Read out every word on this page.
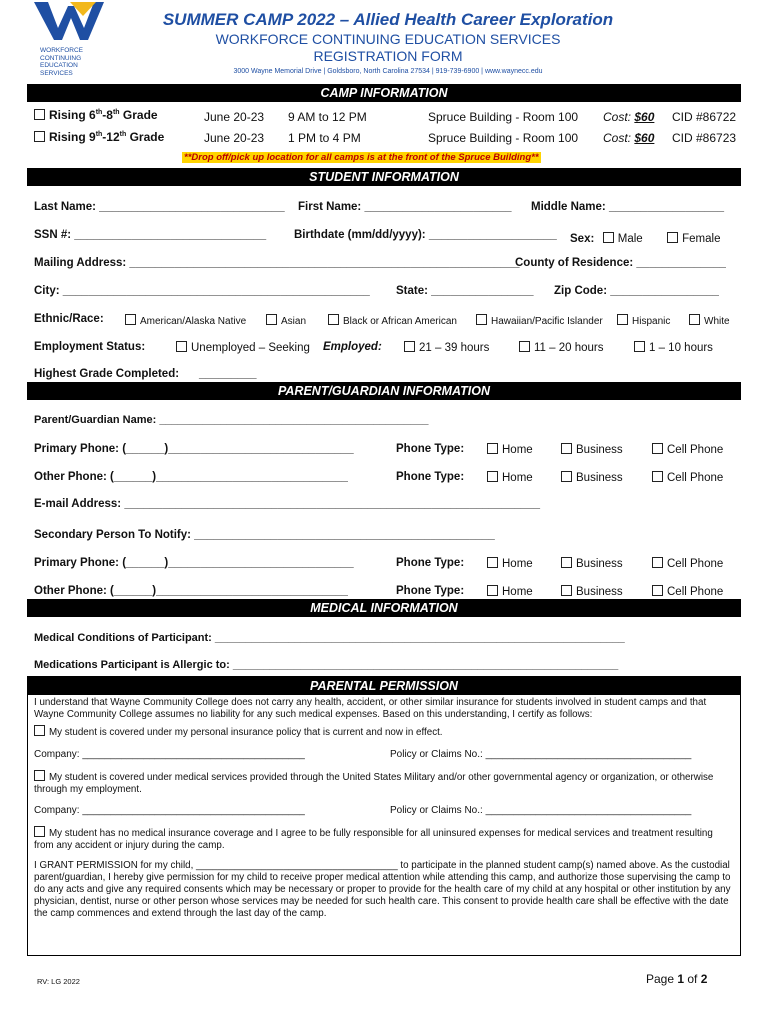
WORKFORCE
CONTINUING
EDUCATION
SERVICES
SUMMER CAMP 2022 – Allied Health Career Exploration
WORKFORCE CONTINUING EDUCATION SERVICES
REGISTRATION FORM
3000 Wayne Memorial Drive | Goldsboro, North Carolina 27534 | 919-739-6900 | www.waynecc.edu
CAMP INFORMATION
Rising 6th-8th Grade	June 20-23 9 AM to 12 PM	Spruce Building - Room 100 Cost: $60 CID #86722
Rising 9th-12th Grade	June 20-23 1 PM to 4 PM	Spruce Building - Room 100 Cost: $60 CID #86723
**Drop off/pick up location for all camps is at the front of the Spruce Building**
STUDENT INFORMATION
Last Name: _____________________________ First Name: _______________________ Middle Name: __________________
SSN #: ______________________________ Birthdate (mm/dd/yyyy): ____________________ Sex: Male	Female
Mailing Address: _____________________________________________________________
County of Residence: ______________
City: ________________________________________________ State: ________________ Zip Code: _________________
Ethnic/Race:	American/Alaska Native	Asian	Black or African American	Hawaiian/Pacific Islander	Hispanic	White
Employment Status:	Unemployed – Seeking Employed:	21 – 39 hours	11 – 20 hours	1 – 10 hours
Highest Grade Completed: _________
PARENT/GUARDIAN INFORMATION
Parent/Guardian Name: ____________________________________________
Primary Phone: (______)_____________________________	Phone Type:	Home	Business	Cell Phone
Other Phone: (______)______________________________	Phone Type:	Home	Business	Cell Phone
E-mail Address: _________________________________________________________________
Secondary Person To Notify: _______________________________________________
Primary Phone: (______)_____________________________	Phone Type:	Home	Business	Cell Phone
Other Phone: (______)______________________________	Phone Type:	Home	Business	Cell Phone
MEDICAL INFORMATION
Medical Conditions of Participant: ___________________________________________________________________
Medications Participant is Allergic to: _______________________________________________________________
PARENTAL PERMISSION
I understand that Wayne Community College does not carry any health, accident, or other similar insurance for students involved in student camps and that Wayne Community College assumes no liability for any such medical expenses. Based on this understanding, I certify as follows:
My student is covered under my personal insurance policy that is current and now in effect.
Company: ________________________________________	Policy or Claims No.: _____________________________________
My student is covered under medical services provided through the United States Military and/or other governmental agency or organization, or otherwise through my employment.
Company: ________________________________________	Policy or Claims No.: _____________________________________
My student has no medical insurance coverage and I agree to be fully responsible for all uninsured expenses for medical services and treatment resulting from any accident or injury during the camp.
I GRANT PERMISSION for my child, _____________________________________ to participate in the planned student camp(s) named above. As the custodial parent/guardian, I hereby give permission for my child to receive proper medical attention while attending this camp, and authorize those supervising the camp to do any acts and give any required consents which may be necessary or proper to provide for the health care of my child at any hospital or other institution by any physician, dentist, nurse or other person whose services may be needed for such health care. This consent to provide health care shall be effective with the date the camp commences and extend through the last day of the camp.
RV: LG 2022	Page 1 of 2
